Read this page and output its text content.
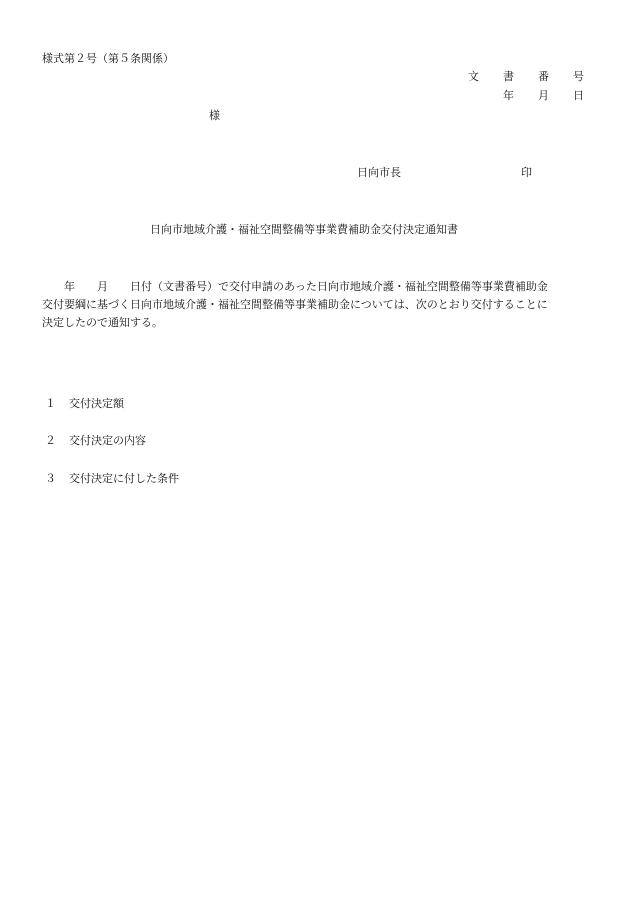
様式第２号（第５条関係）
文 書 番 号
年 月 日
様
日向市長	印
日向市地域介護・福祉空間整備等事業費補助金交付決定通知書
　　年　　月　　日付（文書番号）で交付申請のあった日向市地域介護・福祉空間整備等事業費補助金
交付要綱に基づく日向市地域介護・福祉空間整備等事業補助金については、次のとおり交付することに
決定したので通知する。
１ 交付決定額
２ 交付決定の内容
３ 交付決定に付した条件
